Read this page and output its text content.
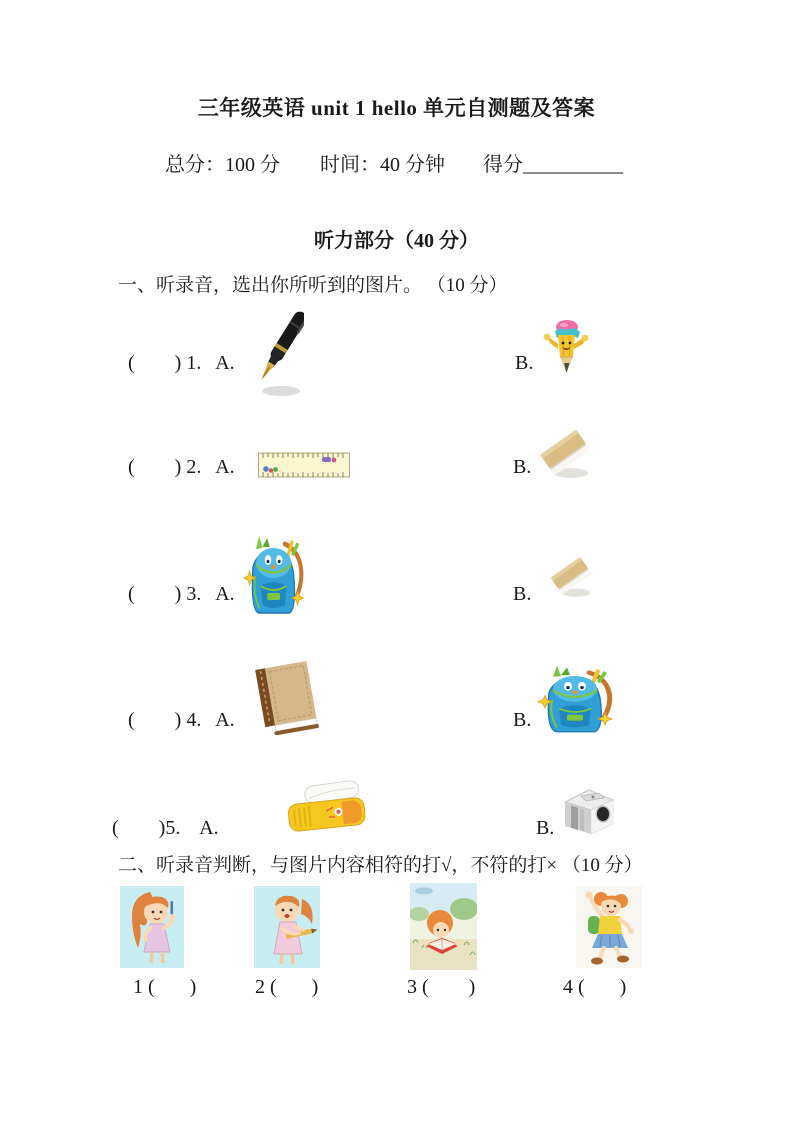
三年级英语 unit 1 hello 单元自测题及答案
总分：100 分 时间：40 分钟 得分__________
听力部分（40 分）
一、听录音，选出你所听到的图片。 （10 分）
(        ) 1.   A.	B.
(        ) 2.   A.	B.
(        ) 3.   A.	B.
(        ) 4.   A.	B.
(        )5.    A.	B.
二、听录音判断，与图片内容相符的打√，不符的打× （10 分）
1 (       )	2 (       )	3 (        )	4 (       )
